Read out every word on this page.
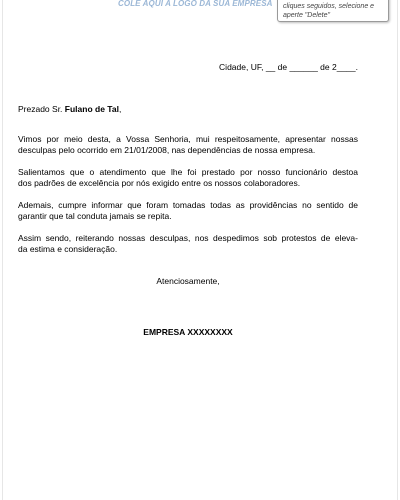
COLE AQUI A LOGO DA SUA EMPRESA cliques seguidos, selecione e
aperte "Delete"
Cidade, UF, __ de ______ de 2____.

Prezado Sr. Fulano de Tal,

Vimos por meio desta, a Vossa Senhoria, mui respeitosamente, apresentar nossas
desculpas pelo ocorrido em 21/01/2008, nas dependências de nossa empresa.

Salientamos que o atendimento que lhe foi prestado por nosso funcionário destoa
dos padrões de excelência por nós exigido entre os nossos colaboradores.

Ademais, cumpre informar que foram tomadas todas as providências no sentido de
garantir que tal conduta jamais se repita.

Assim sendo, reiterando nossas desculpas, nos despedimos sob protestos de eleva-
da estima e consideração.

Atenciosamente,
EMPRESA XXXXXXXX
